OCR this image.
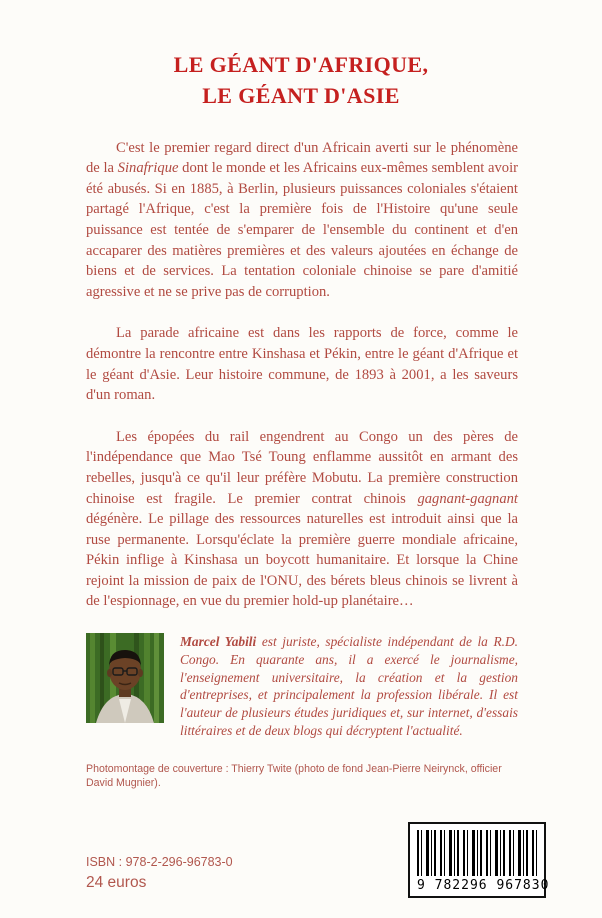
LE GÉANT D'AFRIQUE,
LE GÉANT D'ASIE

C'est le premier regard direct d'un Africain averti sur le phénomène de la Sinafrique dont le monde et les Africains eux-mêmes semblent avoir été abusés. Si en 1885, à Berlin, plusieurs puissances coloniales s'étaient partagé l'Afrique, c'est la première fois de l'Histoire qu'une seule puissance est tentée de s'emparer de l'ensemble du continent et d'en accaparer des matières premières et des valeurs ajoutées en échange de biens et de services. La tentation coloniale chinoise se pare d'amitié agressive et ne se prive pas de corruption.

La parade africaine est dans les rapports de force, comme le démontre la rencontre entre Kinshasa et Pékin, entre le géant d'Afrique et le géant d'Asie. Leur histoire commune, de 1893 à 2001, a les saveurs d'un roman.

Les épopées du rail engendrent au Congo un des pères de l'indépendance que Mao Tsé Toung enflamme aussitôt en armant des rebelles, jusqu'à ce qu'il leur préfère Mobutu. La première construction chinoise est fragile. Le premier contrat chinois gagnant-gagnant dégénère. Le pillage des ressources naturelles est introduit ainsi que la ruse permanente. Lorsqu'éclate la première guerre mondiale africaine, Pékin inflige à Kinshasa un boycott humanitaire. Et lorsque la Chine rejoint la mission de paix de l'ONU, des bérets bleus chinois se livrent à de l'espionnage, en vue du premier hold-up planétaire…

Marcel Yabili est juriste, spécialiste indépendant de la R.D. Congo. En quarante ans, il a exercé le journalisme, l'enseignement universitaire, la création et la gestion d'entreprises, et principalement la profession libérale. Il est l'auteur de plusieurs études juridiques et, sur internet, d'essais littéraires et de deux blogs qui décryptent l'actualité.

Photomontage de couverture : Thierry Twite (photo de fond Jean-Pierre Neirynck, officier David Mugnier).

ISBN : 978-2-296-96783-0
24 euros	9 782296 967830
